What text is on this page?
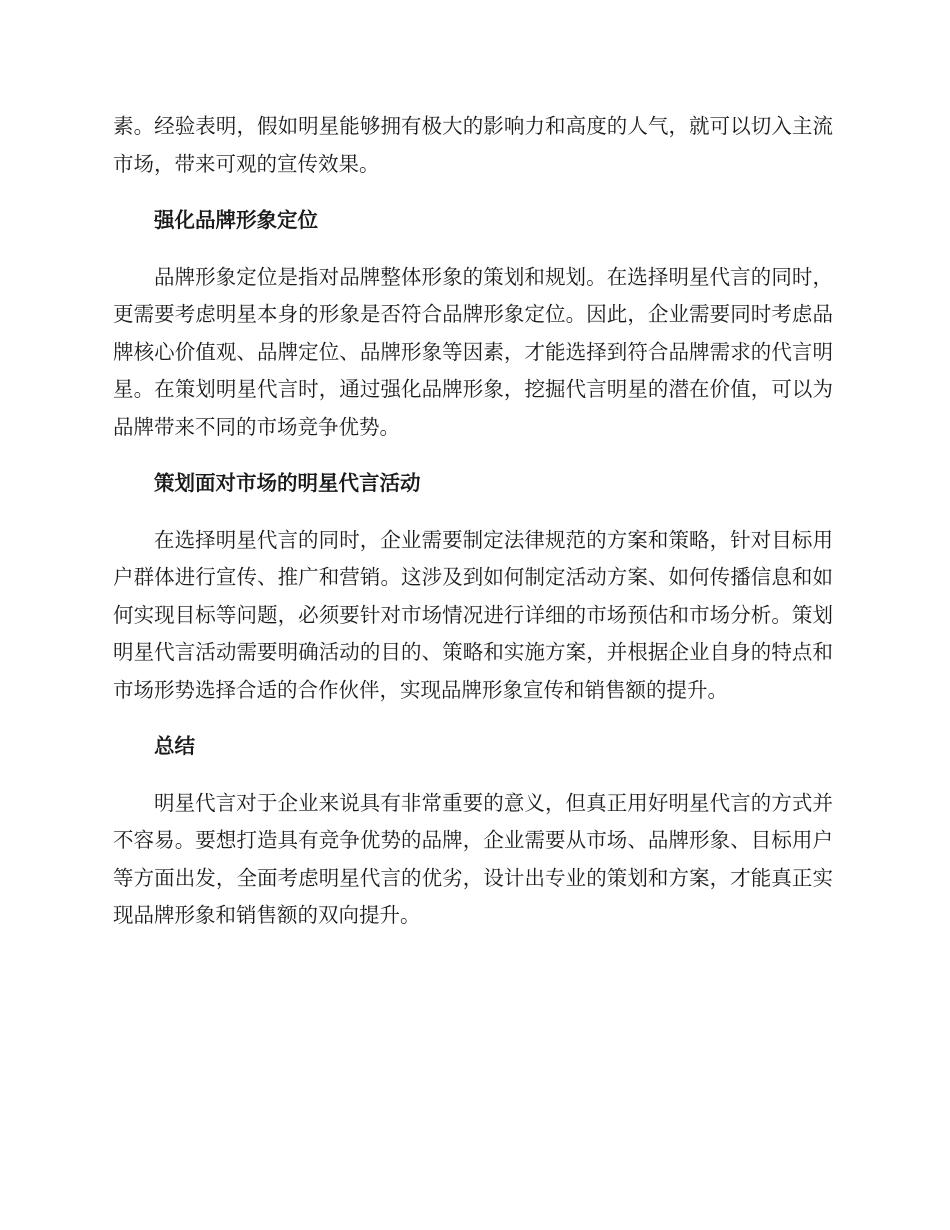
素。经验表明，假如明星能够拥有极大的影响力和高度的人气，就可以切入主流市场，带来可观的宣传效果。

强化品牌形象定位

品牌形象定位是指对品牌整体形象的策划和规划。在选择明星代言的同时，更需要考虑明星本身的形象是否符合品牌形象定位。因此，企业需要同时考虑品牌核心价值观、品牌定位、品牌形象等因素，才能选择到符合品牌需求的代言明星。在策划明星代言时，通过强化品牌形象，挖掘代言明星的潜在价值，可以为品牌带来不同的市场竞争优势。

策划面对市场的明星代言活动

在选择明星代言的同时，企业需要制定法律规范的方案和策略，针对目标用户群体进行宣传、推广和营销。这涉及到如何制定活动方案、如何传播信息和如何实现目标等问题，必须要针对市场情况进行详细的市场预估和市场分析。策划明星代言活动需要明确活动的目的、策略和实施方案，并根据企业自身的特点和市场形势选择合适的合作伙伴，实现品牌形象宣传和销售额的提升。

总结

明星代言对于企业来说具有非常重要的意义，但真正用好明星代言的方式并不容易。要想打造具有竞争优势的品牌，企业需要从市场、品牌形象、目标用户等方面出发，全面考虑明星代言的优劣，设计出专业的策划和方案，才能真正实现品牌形象和销售额的双向提升。
